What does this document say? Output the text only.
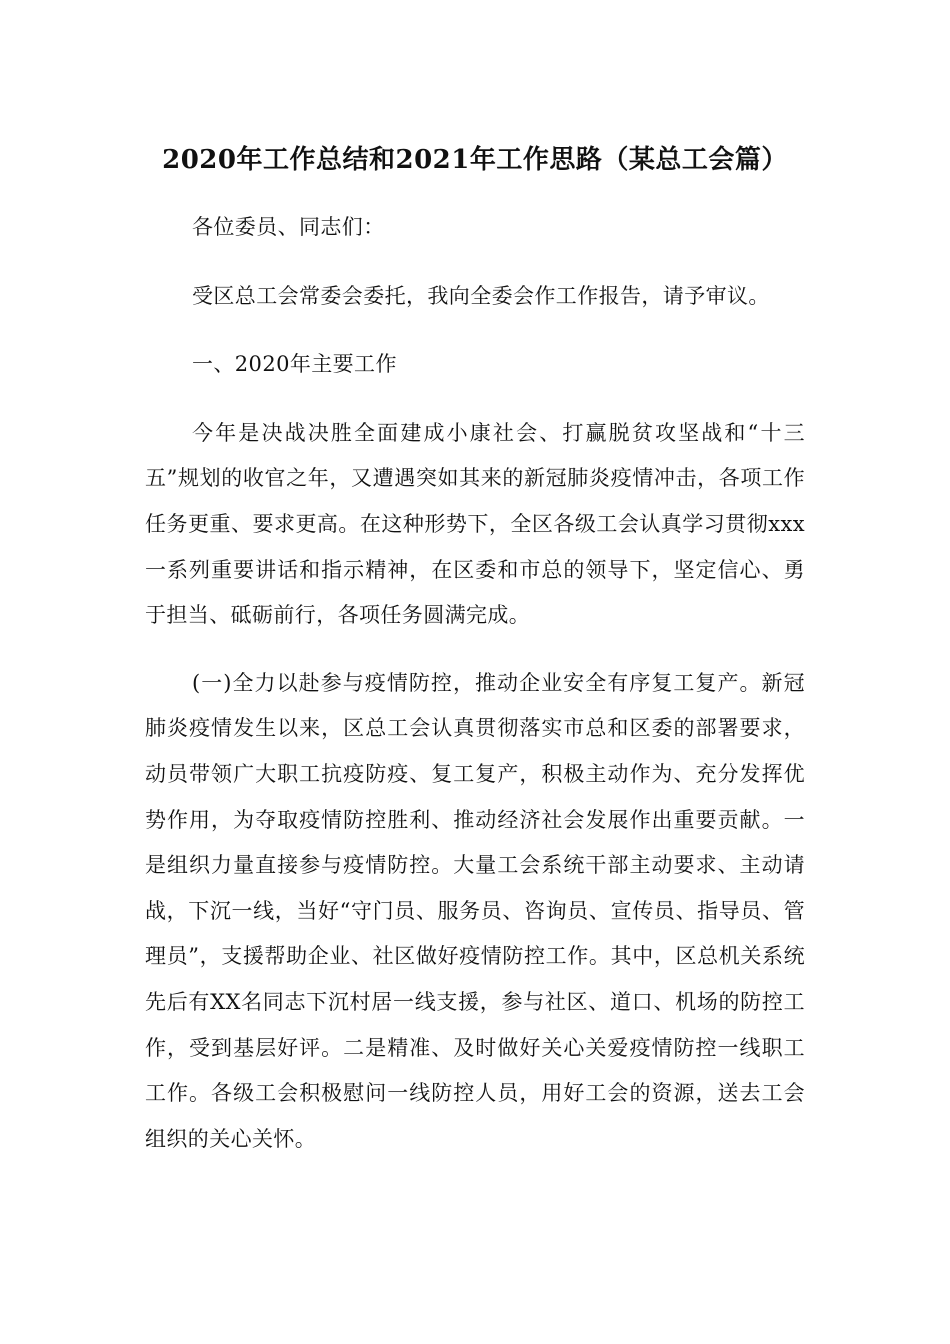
2020年工作总结和2021年工作思路（某总工会篇）

各位委员、同志们：

受区总工会常委会委托，我向全委会作工作报告，请予审议。

一、2020年主要工作

今年是决战决胜全面建成小康社会、打赢脱贫攻坚战和“十三五”规划的收官之年，又遭遇突如其来的新冠肺炎疫情冲击，各项工作任务更重、要求更高。在这种形势下，全区各级工会认真学习贯彻xxx一系列重要讲话和指示精神，在区委和市总的领导下，坚定信心、勇于担当、砥砺前行，各项任务圆满完成。

(一)全力以赴参与疫情防控，推动企业安全有序复工复产。新冠肺炎疫情发生以来，区总工会认真贯彻落实市总和区委的部署要求，动员带领广大职工抗疫防疫、复工复产，积极主动作为、充分发挥优势作用，为夺取疫情防控胜利、推动经济社会发展作出重要贡献。一是组织力量直接参与疫情防控。大量工会系统干部主动要求、主动请战，下沉一线，当好“守门员、服务员、咨询员、宣传员、指导员、管理员”，支援帮助企业、社区做好疫情防控工作。其中，区总机关系统先后有XX名同志下沉村居一线支援，参与社区、道口、机场的防控工作，受到基层好评。二是精准、及时做好关心关爱疫情防控一线职工工作。各级工会积极慰问一线防控人员，用好工会的资源，送去工会组织的关心关怀。
